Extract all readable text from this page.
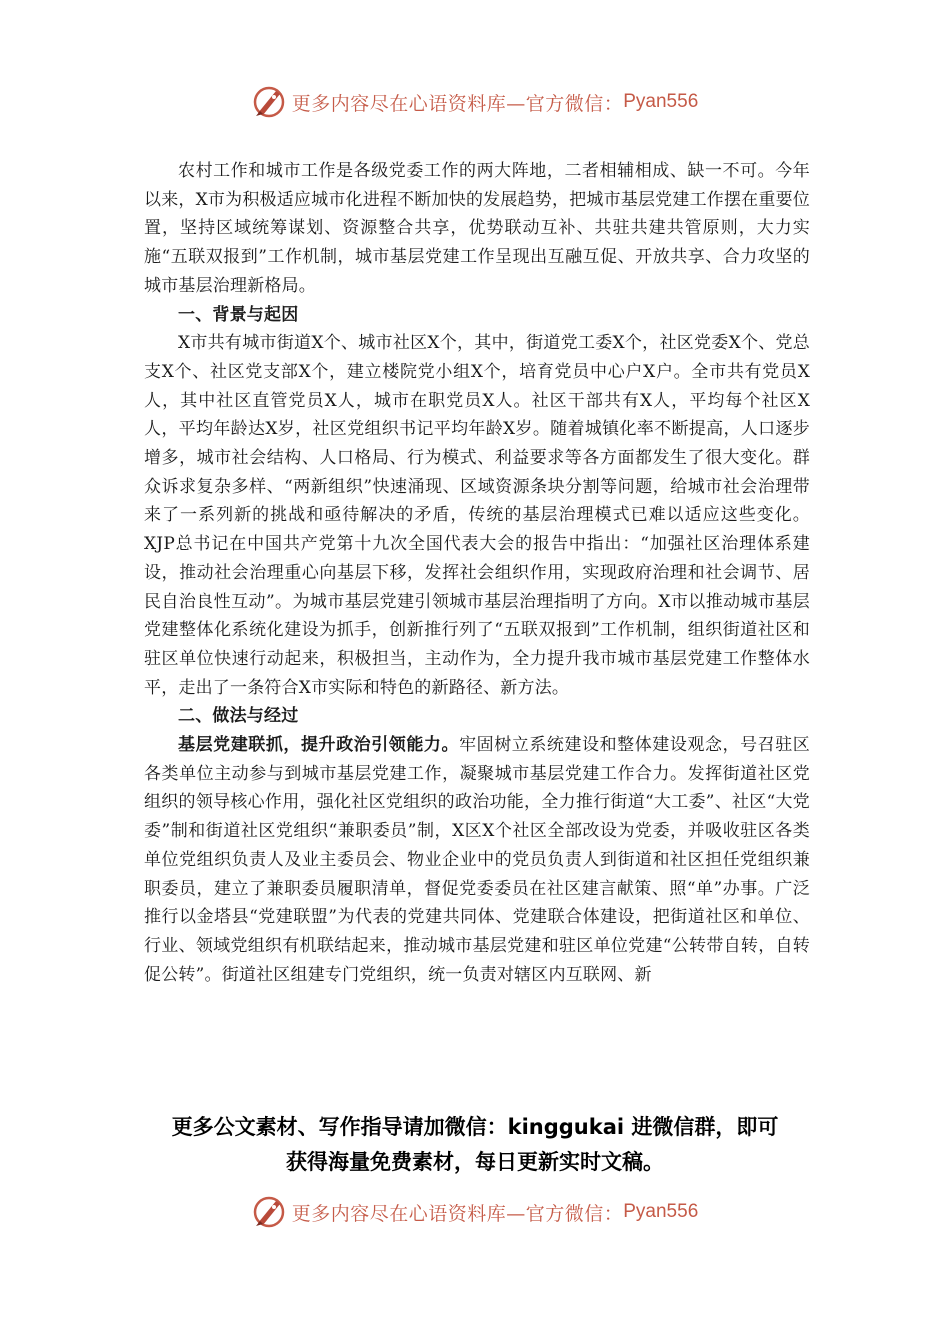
更多内容尽在心语资料库—官方微信： Pyan556

农村工作和城市工作是各级党委工作的两大阵地，二者相辅相成、缺一不可。今年以来，X市为积极适应城市化进程不断加快的发展趋势，把城市基层党建工作摆在重要位置，坚持区域统筹谋划、资源整合共享，优势联动互补、共驻共建共管原则，大力实施“五联双报到”工作机制，城市基层党建工作呈现出互融互促、开放共享、合力攻坚的城市基层治理新格局。

一、背景与起因

X市共有城市街道X个、城市社区X个，其中，街道党工委X个，社区党委X个、党总支X个、社区党支部X个，建立楼院党小组X个，培育党员中心户X户。全市共有党员X人，其中社区直管党员X人，城市在职党员X人。社区干部共有X人，平均每个社区X人，平均年龄达X岁，社区党组织书记平均年龄X岁。随着城镇化率不断提高，人口逐步增多，城市社会结构、人口格局、行为模式、利益要求等各方面都发生了很大变化。群众诉求复杂多样、“两新组织”快速涌现、区域资源条块分割等问题，给城市社会治理带来了一系列新的挑战和亟待解决的矛盾，传统的基层治理模式已难以适应这些变化。XJP总书记在中国共产党第十九次全国代表大会的报告中指出：“加强社区治理体系建设，推动社会治理重心向基层下移，发挥社会组织作用，实现政府治理和社会调节、居民自治良性互动”。为城市基层党建引领城市基层治理指明了方向。X市以推动城市基层党建整体化系统化建设为抓手，创新推行列了“五联双报到”工作机制，组织街道社区和驻区单位快速行动起来，积极担当，主动作为，全力提升我市城市基层党建工作整体水平，走出了一条符合X市实际和特色的新路径、新方法。

二、做法与经过

基层党建联抓，提升政治引领能力。牢固树立系统建设和整体建设观念，号召驻区各类单位主动参与到城市基层党建工作，凝聚城市基层党建工作合力。发挥街道社区党组织的领导核心作用，强化社区党组织的政治功能，全力推行街道“大工委”、社区“大党委”制和街道社区党组织“兼职委员”制，X区X个社区全部改设为党委，并吸收驻区各类单位党组织负责人及业主委员会、物业企业中的党员负责人到街道和社区担任党组织兼职委员，建立了兼职委员履职清单，督促党委委员在社区建言献策、照“单”办事。广泛推行以金塔县“党建联盟”为代表的党建共同体、党建联合体建设，把街道社区和单位、行业、领域党组织有机联结起来，推动城市基层党建和驻区单位党建“公转带自转，自转促公转”。街道社区组建专门党组织，统一负责对辖区内互联网、新

更多公文素材、写作指导请加微信：kinggukai 进微信群，即可
获得海量免费素材，每日更新实时文稿。
更多内容尽在心语资料库—官方微信： Pyan556
